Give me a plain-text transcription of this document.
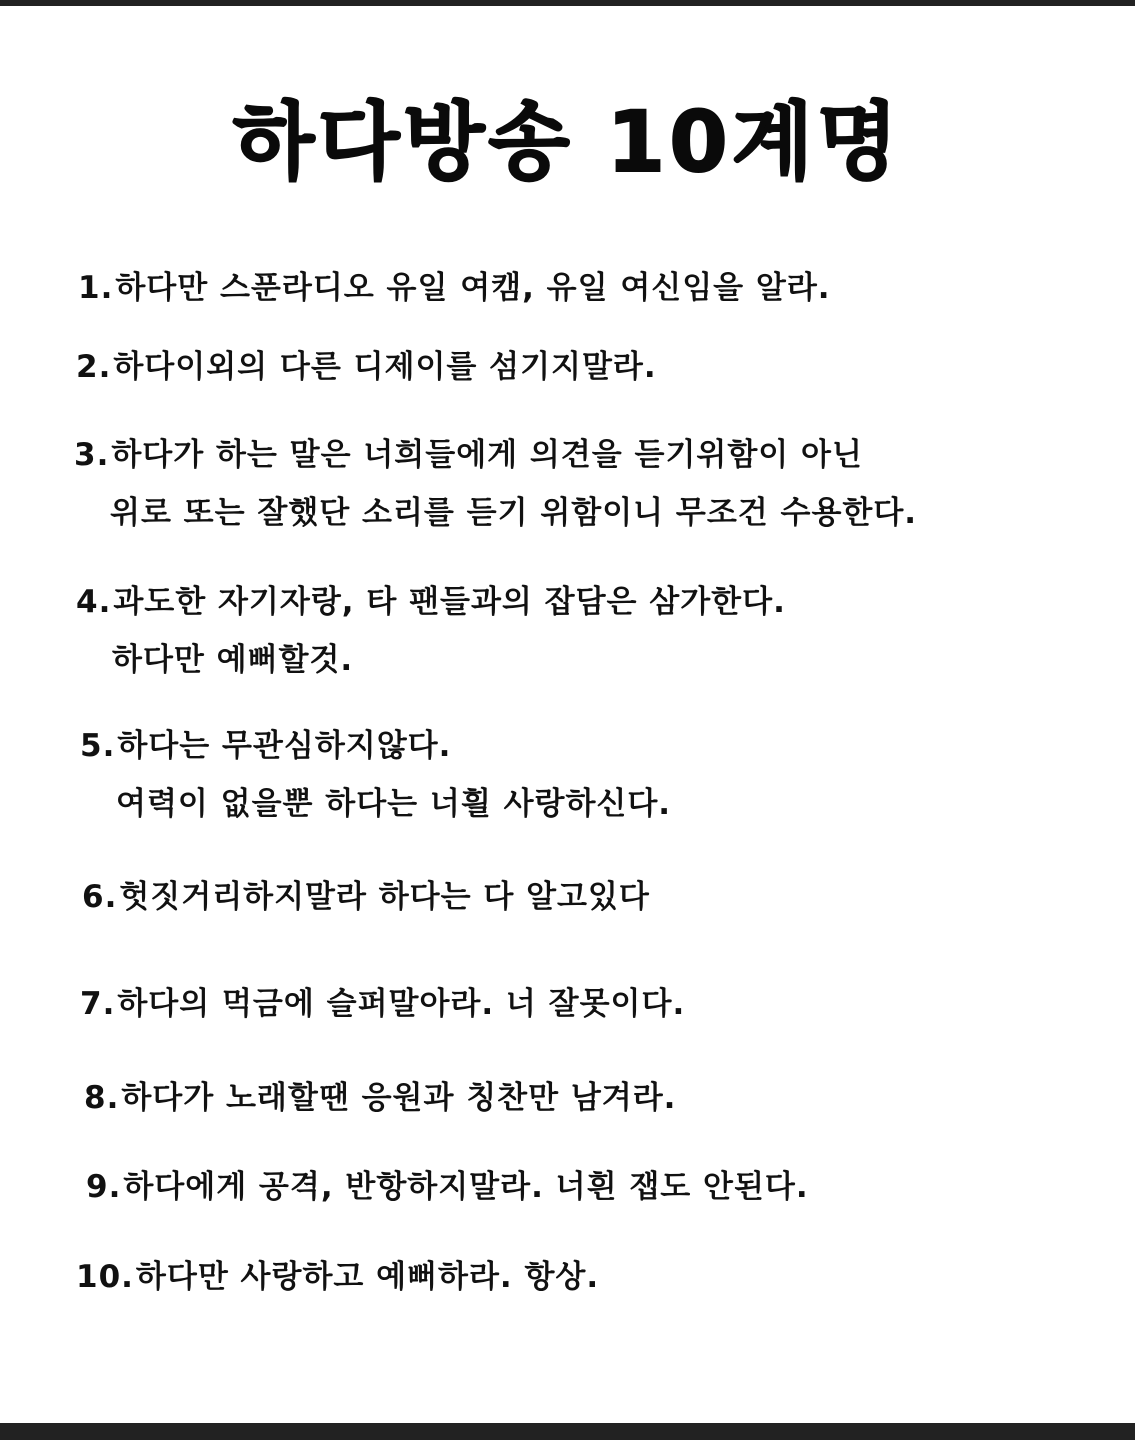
하다방송 10계명
1.하다만 스푼라디오 유일 여캠, 유일 여신임을 알라.
2.하다이외의 다른 디제이를 섬기지말라.
3.하다가 하는 말은 너희들에게 의견을 듣기위함이 아닌
위로 또는 잘했단 소리를 듣기 위함이니 무조건 수용한다.
4.과도한 자기자랑, 타 팬들과의 잡담은 삼가한다.
하다만 예뻐할것.
5.하다는 무관심하지않다.
여력이 없을뿐 하다는 너흴 사랑하신다.
6.헛짓거리하지말라 하다는 다 알고있다
7.하다의 먹금에 슬퍼말아라. 너 잘못이다.
8.하다가 노래할땐 응원과 칭찬만 남겨라.
9.하다에게 공격, 반항하지말라. 너흰 잽도 안된다.
10.하다만 사랑하고 예뻐하라. 항상.
